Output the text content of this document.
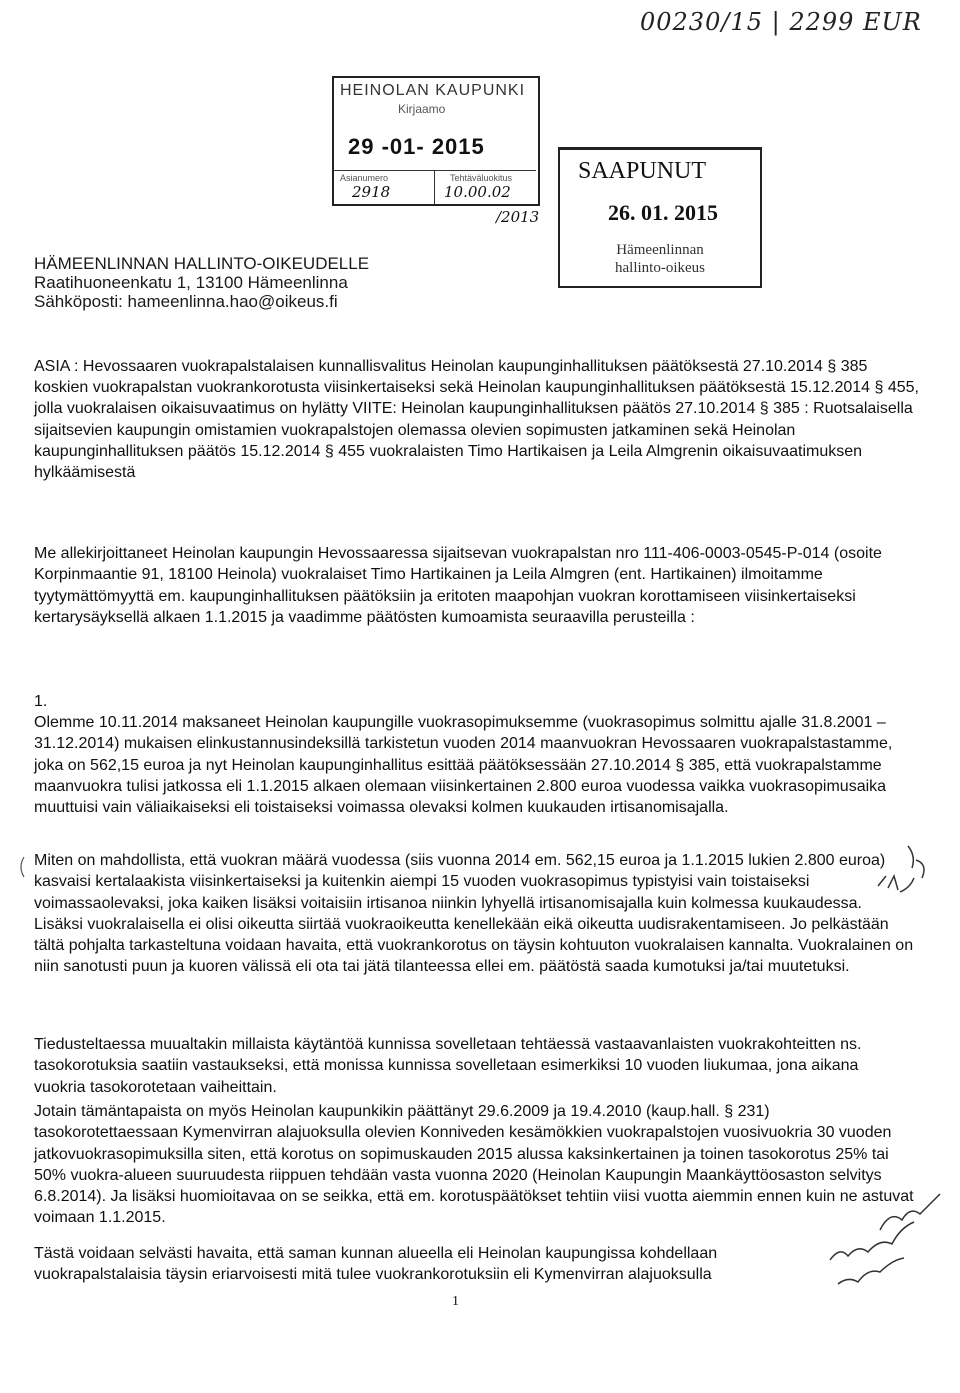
00230/15 | 2299 EUR
HEINOLAN KAUPUNKI
Kirjaamo
29 -01- 2015
Asianumero
2918
Tehtäväluokitus
10.00.02
/2013
SAAPUNUT
26. 01. 2015
Hämeenlinnan
hallinto-oikeus
HÄMEENLINNAN HALLINTO-OIKEUDELLE
Raatihuoneenkatu 1, 13100 Hämeenlinna
Sähköposti: hameenlinna.hao@oikeus.fi

ASIA : Hevossaaren vuokrapalstalaisen kunnallisvalitus Heinolan kaupunginhallituksen päätöksestä 27.10.2014 § 385 koskien vuokrapalstan vuokrankorotusta viisinkertaiseksi sekä Heinolan kaupunginhallituksen päätöksestä 15.12.2014 § 455, jolla vuokralaisen oikaisuvaatimus on hylätty VIITE: Heinolan kaupunginhallituksen päätös 27.10.2014 § 385 : Ruotsalaisella sijaitsevien kaupungin omistamien vuokrapalstojen olemassa olevien sopimusten jatkaminen sekä Heinolan kaupunginhallituksen päätös 15.12.2014 § 455 vuokralaisten Timo Hartikaisen ja Leila Almgrenin oikaisuvaatimuksen hylkäämisestä

Me allekirjoittaneet Heinolan kaupungin Hevossaaressa sijaitsevan vuokrapalstan nro 111-406-0003-0545-P-014 (osoite Korpinmaantie 91, 18100 Heinola) vuokralaiset Timo Hartikainen ja Leila Almgren (ent. Hartikainen) ilmoitamme tyytymättömyyttä em. kaupunginhallituksen päätöksiin ja eritoten maapohjan vuokran korottamiseen viisinkertaiseksi kertarysäyksellä alkaen 1.1.2015 ja vaadimme päätösten kumoamista seuraavilla perusteilla :

1.

Olemme 10.11.2014 maksaneet Heinolan kaupungille vuokrasopimuksemme (vuokrasopimus solmittu ajalle 31.8.2001 – 31.12.2014) mukaisen elinkustannusindeksillä tarkistetun vuoden 2014 maanvuokran Hevossaaren vuokrapalstastamme, joka on 562,15 euroa ja nyt Heinolan kaupunginhallitus esittää päätöksessään 27.10.2014 § 385, että vuokrapalstamme maanvuokra tulisi jatkossa eli 1.1.2015 alkaen olemaan viisinkertainen 2.800 euroa vuodessa vaikka vuokrasopimusaika muuttuisi vain väliaikaiseksi eli toistaiseksi voimassa olevaksi kolmen kuukauden irtisanomisajalla.

Miten on mahdollista, että vuokran määrä vuodessa (siis vuonna 2014 em. 562,15 euroa ja 1.1.2015 lukien 2.800 euroa) kasvaisi kertalaakista viisinkertaiseksi ja kuitenkin aiempi 15 vuoden vuokrasopimus typistyisi vain toistaiseksi voimassaolevaksi, joka kaiken lisäksi voitaisiin irtisanoa niinkin lyhyellä irtisanomisajalla kuin kolmessa kuukaudessa. Lisäksi vuokralaisella ei olisi oikeutta siirtää vuokraoikeutta kenellekään eikä oikeutta uudisrakentamiseen. Jo pelkästään tältä pohjalta tarkasteltuna voidaan havaita, että vuokrankorotus on täysin kohtuuton vuokralaisen kannalta. Vuokralainen on niin sanotusti puun ja kuoren välissä eli ota tai jätä tilanteessa ellei em. päätöstä saada kumotuksi ja/tai muutetuksi.

Tiedusteltaessa muualtakin millaista käytäntöä kunnissa sovelletaan tehtäessä vastaavanlaisten vuokrakohteitten ns. tasokorotuksia saatiin vastaukseksi, että monissa kunnissa sovelletaan esimerkiksi 10 vuoden liukumaa, jona aikana vuokria tasokorotetaan vaiheittain.

Jotain tämäntapaista on myös Heinolan kaupunkikin päättänyt 29.6.2009 ja 19.4.2010 (kaup.hall. § 231) tasokorotettaessaan Kymenvirran alajuoksulla olevien Konniveden kesämökkien vuokrapalstojen vuosivuokria 30 vuoden jatkovuokrasopimuksilla siten, että korotus on sopimuskauden 2015 alussa kaksinkertainen ja toinen tasokorotus 25% tai 50% vuokra-alueen suuruudesta riippuen tehdään vasta vuonna 2020 (Heinolan Kaupungin Maankäyttöosaston selvitys 6.8.2014). Ja lisäksi huomioitavaa on se seikka, että em. korotuspäätökset tehtiin viisi vuotta aiemmin ennen kuin ne astuvat voimaan 1.1.2015.

Tästä voidaan selvästi havaita, että saman kunnan alueella eli Heinolan kaupungissa kohdellaan vuokrapalstalaisia täysin eriarvoisesti mitä tulee vuokrankorotuksiin eli Kymenvirran alajuoksulla

1
